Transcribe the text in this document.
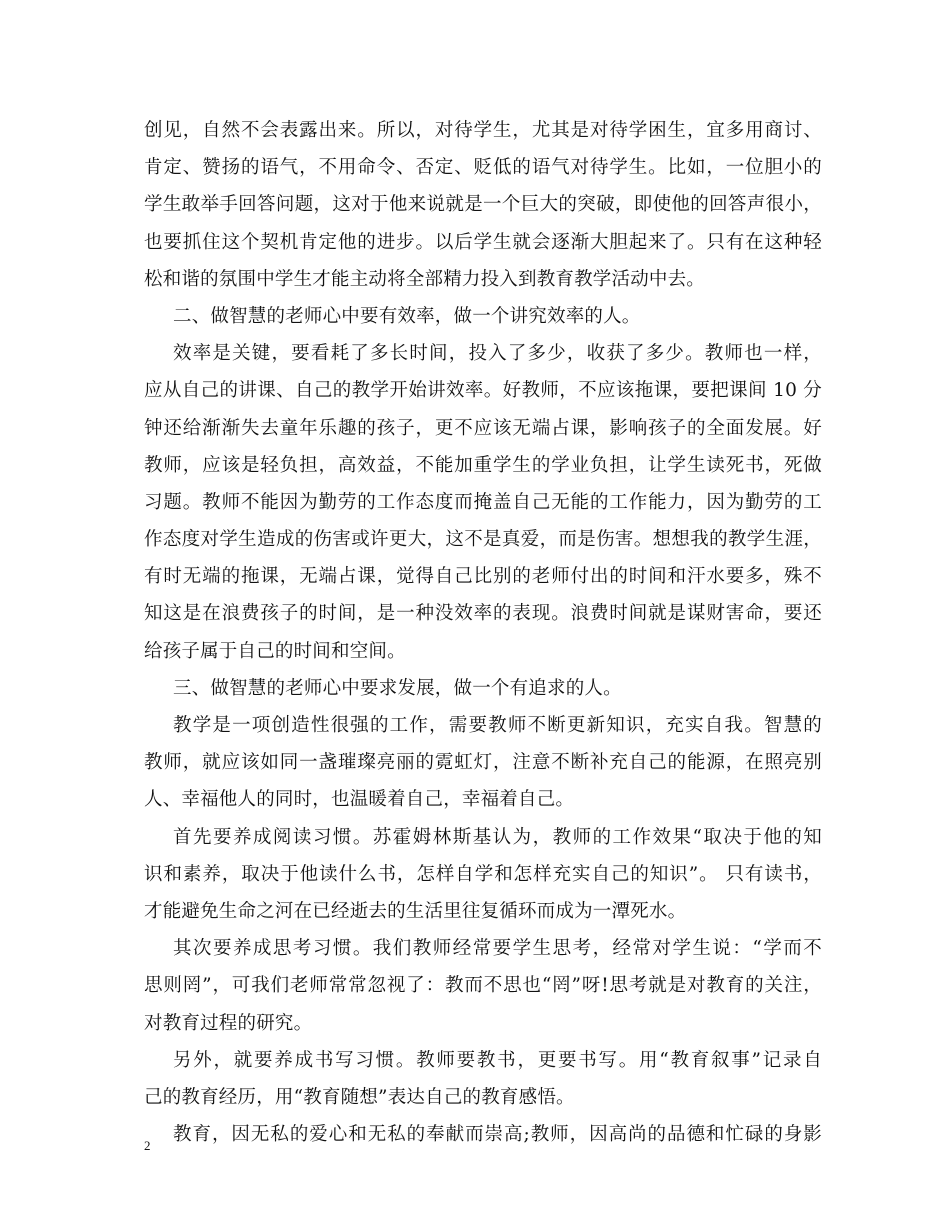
创见，自然不会表露出来。所以，对待学生，尤其是对待学困生，宜多用商讨、
肯定、赞扬的语气，不用命令、否定、贬低的语气对待学生。比如，一位胆小的
学生敢举手回答问题，这对于他来说就是一个巨大的突破，即使他的回答声很小，
也要抓住这个契机肯定他的进步。以后学生就会逐渐大胆起来了。只有在这种轻
松和谐的氛围中学生才能主动将全部精力投入到教育教学活动中去。
二、做智慧的老师心中要有效率，做一个讲究效率的人。
效率是关键，要看耗了多长时间，投入了多少，收获了多少。教师也一样，
应从自己的讲课、自己的教学开始讲效率。好教师，不应该拖课，要把课间 10 分
钟还给渐渐失去童年乐趣的孩子，更不应该无端占课，影响孩子的全面发展。好
教师，应该是轻负担，高效益，不能加重学生的学业负担，让学生读死书，死做
习题。教师不能因为勤劳的工作态度而掩盖自己无能的工作能力，因为勤劳的工
作态度对学生造成的伤害或许更大，这不是真爱，而是伤害。想想我的教学生涯，
有时无端的拖课，无端占课，觉得自己比别的老师付出的时间和汗水要多，殊不
知这是在浪费孩子的时间，是一种没效率的表现。浪费时间就是谋财害命，要还
给孩子属于自己的时间和空间。
三、做智慧的老师心中要求发展，做一个有追求的人。
教学是一项创造性很强的工作，需要教师不断更新知识，充实自我。智慧的
教师，就应该如同一盏璀璨亮丽的霓虹灯，注意不断补充自己的能源，在照亮别
人、幸福他人的同时，也温暖着自己，幸福着自己。
首先要养成阅读习惯。苏霍姆林斯基认为，教师的工作效果“取决于他的知
识和素养，取决于他读什么书，怎样自学和怎样充实自己的知识”。 只有读书，
才能避免生命之河在已经逝去的生活里往复循环而成为一潭死水。
其次要养成思考习惯。我们教师经常要学生思考，经常对学生说：“学而不
思则罔”，可我们老师常常忽视了：教而不思也“罔”呀!思考就是对教育的关注，
对教育过程的研究。
另外，就要养成书写习惯。教师要教书，更要书写。用“教育叙事”记录自
己的教育经历，用“教育随想”表达自己的教育感悟。
教育，因无私的爱心和无私的奉献而崇高;教师，因高尚的品德和忙碌的身影
2
